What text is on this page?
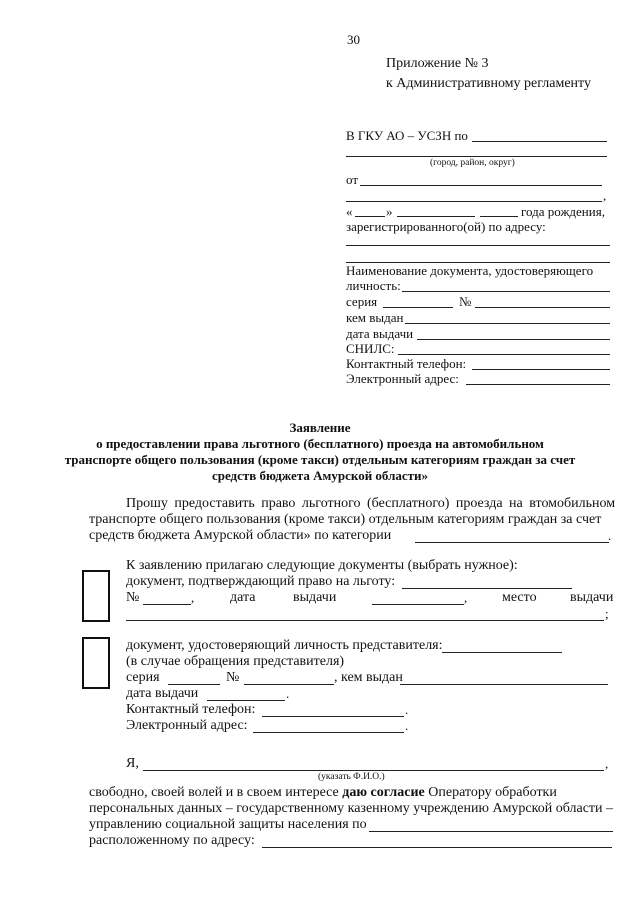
30
Приложение № 3
к Административному регламенту
В ГКУ АО – УСЗН по
(город, район, округ)
от
,
«	»	года рождения,
зарегистрированного(ой) по адресу:
Наименование документа, удостоверяющего
личность:
серия	№
кем выдан
дата выдачи
СНИЛС:
Контактный телефон:
Электронный адрес:
Заявление
о предоставлении права льготного (бесплатного) проезда на автомобильном
транспорте общего пользования (кроме такси) отдельным категориям граждан за счет
средств бюджета Амурской области»
Прошу предоставить право льготного (бесплатного) проезда на втомобильном
транспорте общего пользования (кроме такси) отдельным категориям граждан за счет
средств бюджета Амурской области» по категории	.
К заявлению прилагаю следующие документы (выбрать нужное):
документ, подтверждающий право на льготу:
№	,	дата	выдачи	, место выдачи
;
документ, удостоверяющий личность представителя:
(в случае обращения представителя)
серия	№	, кем выдан
дата выдачи	.
Контактный телефон:	.
Электронный адрес:	.
Я,	,
(указать Ф.И.О.)
свободно, своей волей и в своем интересе даю согласие Оператору обработки
персональных данных – государственному казенному учреждению Амурской области –
управлению социальной защиты населения по
расположенному по адресу:
